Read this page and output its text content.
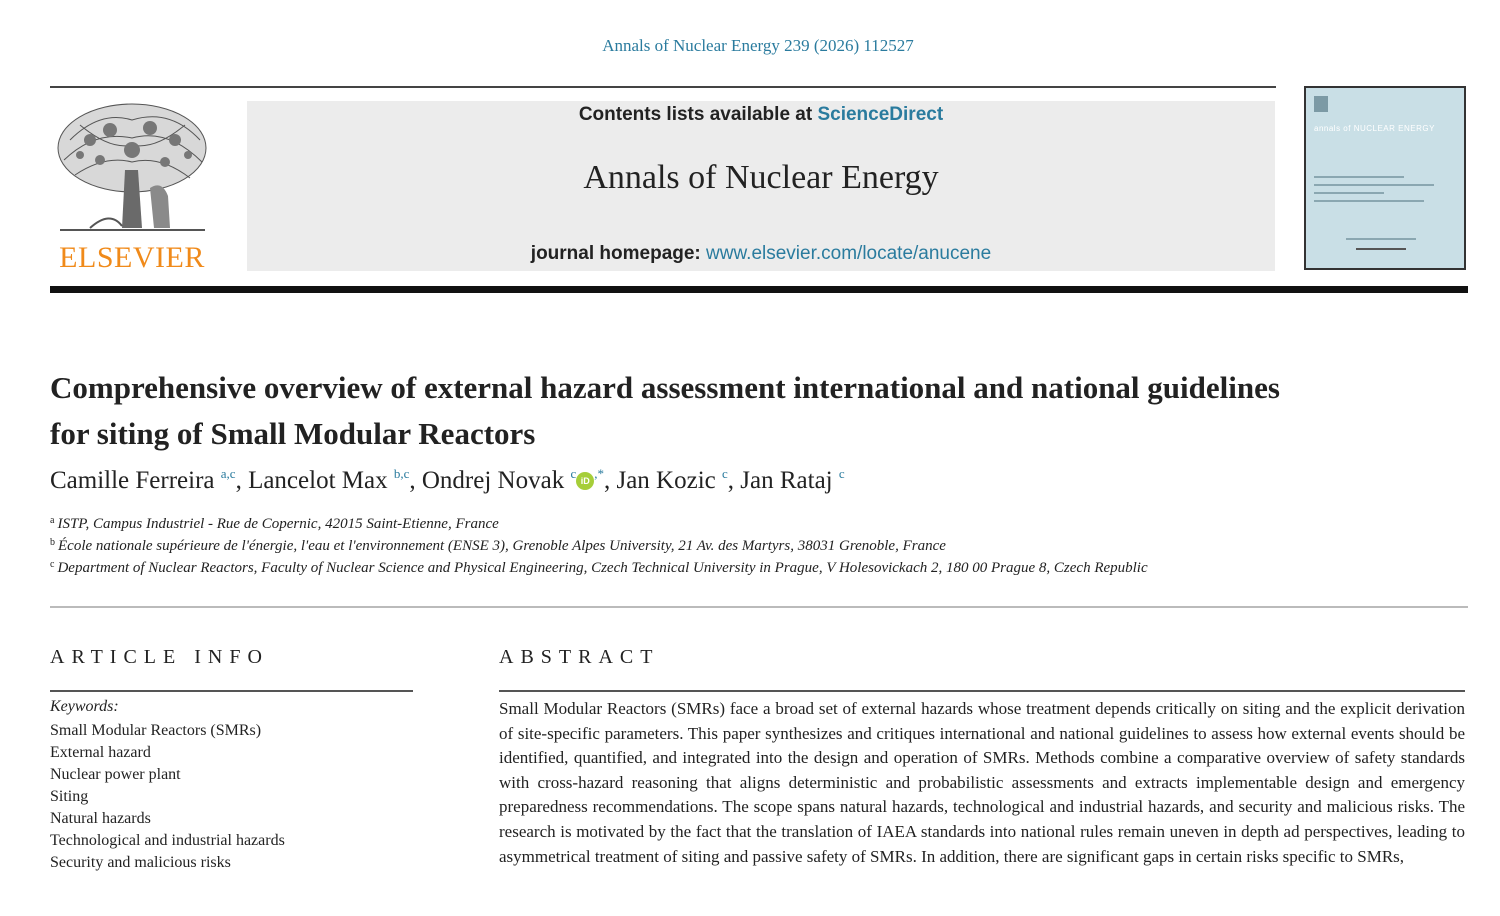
Annals of Nuclear Energy 239 (2026) 112527
ELSEVIER
Contents lists available at ScienceDirect
Annals of Nuclear Energy
journal homepage: www.elsevier.com/locate/anucene
annals of NUCLEAR ENERGY
Comprehensive overview of external hazard assessment international and national guidelines for siting of Small Modular Reactors
Camille Ferreira $^{a,c}$, Lancelot Max $^{b,c}$, Ondrej Novak $^c$ iD ,*, Jan Kozic $^c$, Jan Rataj $^c$
$^a$ ISTP, Campus Industriel - Rue de Copernic, 42015 Saint-Etienne, France
$^b$ École nationale supérieure de l'énergie, l'eau et l'environnement (ENSE 3), Grenoble Alpes University, 21 Av. des Martyrs, 38031 Grenoble, France
$^c$ Department of Nuclear Reactors, Faculty of Nuclear Science and Physical Engineering, Czech Technical University in Prague, V Holesovickach 2, 180 00 Prague 8, Czech Republic
ARTICLE INFO
Keywords:
Small Modular Reactors (SMRs)
External hazard
Nuclear power plant
Siting
Natural hazards
Technological and industrial hazards
Security and malicious risks
ABSTRACT
Small Modular Reactors (SMRs) face a broad set of external hazards whose treatment depends critically on siting and the explicit derivation of site-specific parameters. This paper synthesizes and critiques international and national guidelines to assess how external events should be identified, quantified, and integrated into the design and operation of SMRs. Methods combine a comparative overview of safety standards with cross-hazard reasoning that aligns deterministic and probabilistic assessments and extracts implementable design and emergency preparedness recommendations. The scope spans natural hazards, technological and industrial hazards, and security and malicious risks. The research is motivated by the fact that the translation of IAEA standards into national rules remain uneven in depth ad perspectives, leading to asymmetrical treatment of siting and passive safety of SMRs. In addition, there are significant gaps in certain risks specific to SMRs,
